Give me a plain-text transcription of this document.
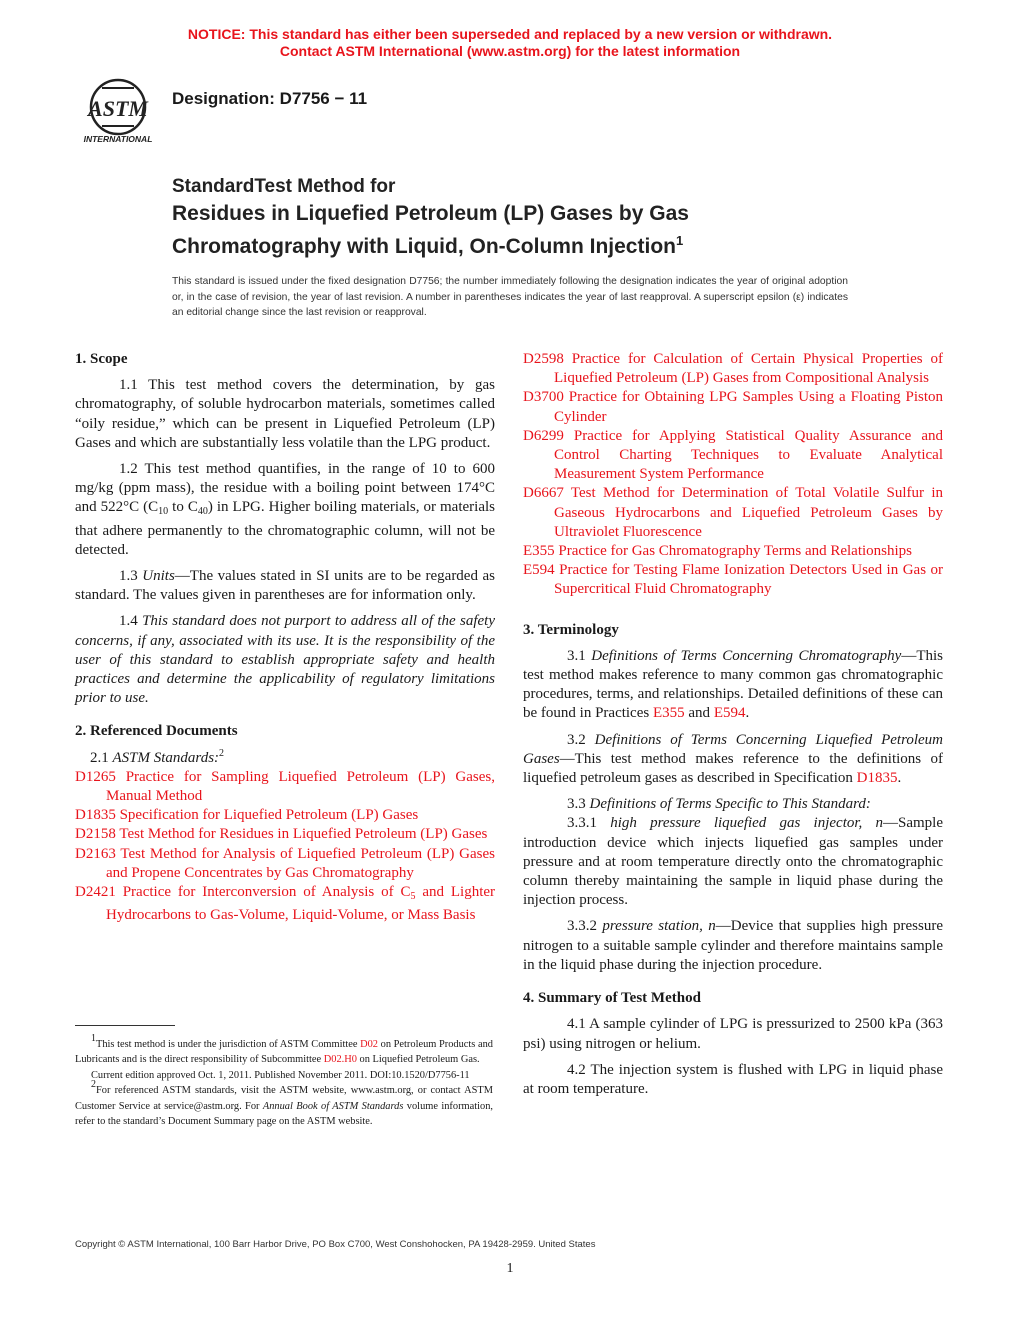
NOTICE: This standard has either been superseded and replaced by a new version or withdrawn.
Contact ASTM International (www.astm.org) for the latest information
ASTM
INTERNATIONAL
Designation: D7756 − 11
StandardTest Method for
Residues in Liquefied Petroleum (LP) Gases by Gas
Chromatography with Liquid, On-Column Injection$^1$
This standard is issued under the fixed designation D7756; the number immediately following the designation indicates the year of original adoption or, in the case of revision, the year of last revision. A number in parentheses indicates the year of last reapproval. A superscript epsilon (ε) indicates an editorial change since the last revision or reapproval.
1. Scope

1.1 This test method covers the determination, by gas chromatography, of soluble hydrocarbon materials, sometimes called “oily residue,” which can be present in Liquefied Petroleum (LP) Gases and which are substantially less volatile than the LPG product.

1.2 This test method quantifies, in the range of 10 to 600 mg/kg (ppm mass), the residue with a boiling point between 174°C and 522°C ($C_{10}$ to $C_{40}$) in LPG. Higher boiling materials, or materials that adhere permanently to the chromatographic column, will not be detected.

1.3 Units—The values stated in SI units are to be regarded as standard. The values given in parentheses are for information only.

1.4 This standard does not purport to address all of the safety concerns, if any, associated with its use. It is the responsibility of the user of this standard to establish appropriate safety and health practices and determine the applicability of regulatory limitations prior to use.

2. Referenced Documents

2.1 ASTM Standards:$^2$

D1265 Practice for Sampling Liquefied Petroleum (LP) Gases, Manual Method

D1835 Specification for Liquefied Petroleum (LP) Gases

D2158 Test Method for Residues in Liquefied Petroleum (LP) Gases

D2163 Test Method for Analysis of Liquefied Petroleum (LP) Gases and Propene Concentrates by Gas Chromatography

D2421 Practice for Interconversion of Analysis of $C_5$ and Lighter Hydrocarbons to Gas-Volume, Liquid-Volume, or Mass Basis

D2598 Practice for Calculation of Certain Physical Properties of Liquefied Petroleum (LP) Gases from Compositional Analysis

D3700 Practice for Obtaining LPG Samples Using a Floating Piston Cylinder

D6299 Practice for Applying Statistical Quality Assurance and Control Charting Techniques to Evaluate Analytical Measurement System Performance

D6667 Test Method for Determination of Total Volatile Sulfur in Gaseous Hydrocarbons and Liquefied Petroleum Gases by Ultraviolet Fluorescence

E355 Practice for Gas Chromatography Terms and Relationships

E594 Practice for Testing Flame Ionization Detectors Used in Gas or Supercritical Fluid Chromatography

3. Terminology

3.1 Definitions of Terms Concerning Chromatography—This test method makes reference to many common gas chromatographic procedures, terms, and relationships. Detailed definitions of these can be found in Practices E355 and E594.

3.2 Definitions of Terms Concerning Liquefied Petroleum Gases—This test method makes reference to the definitions of liquefied petroleum gases as described in Specification D1835.

3.3 Definitions of Terms Specific to This Standard:

3.3.1 high pressure liquefied gas injector, n—Sample introduction device which injects liquefied gas samples under pressure and at room temperature directly onto the chromatographic column thereby maintaining the sample in liquid phase during the injection process.

3.3.2 pressure station, n—Device that supplies high pressure nitrogen to a suitable sample cylinder and therefore maintains sample in the liquid phase during the injection procedure.

4. Summary of Test Method

4.1 A sample cylinder of LPG is pressurized to 2500 kPa (363 psi) using nitrogen or helium.

4.2 The injection system is flushed with LPG in liquid phase at room temperature.

1This test method is under the jurisdiction of ASTM Committee D02 on Petroleum Products and Lubricants and is the direct responsibility of Subcommittee D02.H0 on Liquefied Petroleum Gas.

Current edition approved Oct. 1, 2011. Published November 2011. DOI:10.1520/D7756-11

2For referenced ASTM standards, visit the ASTM website, www.astm.org, or contact ASTM Customer Service at service@astm.org. For Annual Book of ASTM Standards volume information, refer to the standard’s Document Summary page on the ASTM website.

Copyright © ASTM International, 100 Barr Harbor Drive, PO Box C700, West Conshohocken, PA 19428-2959. United States
1
